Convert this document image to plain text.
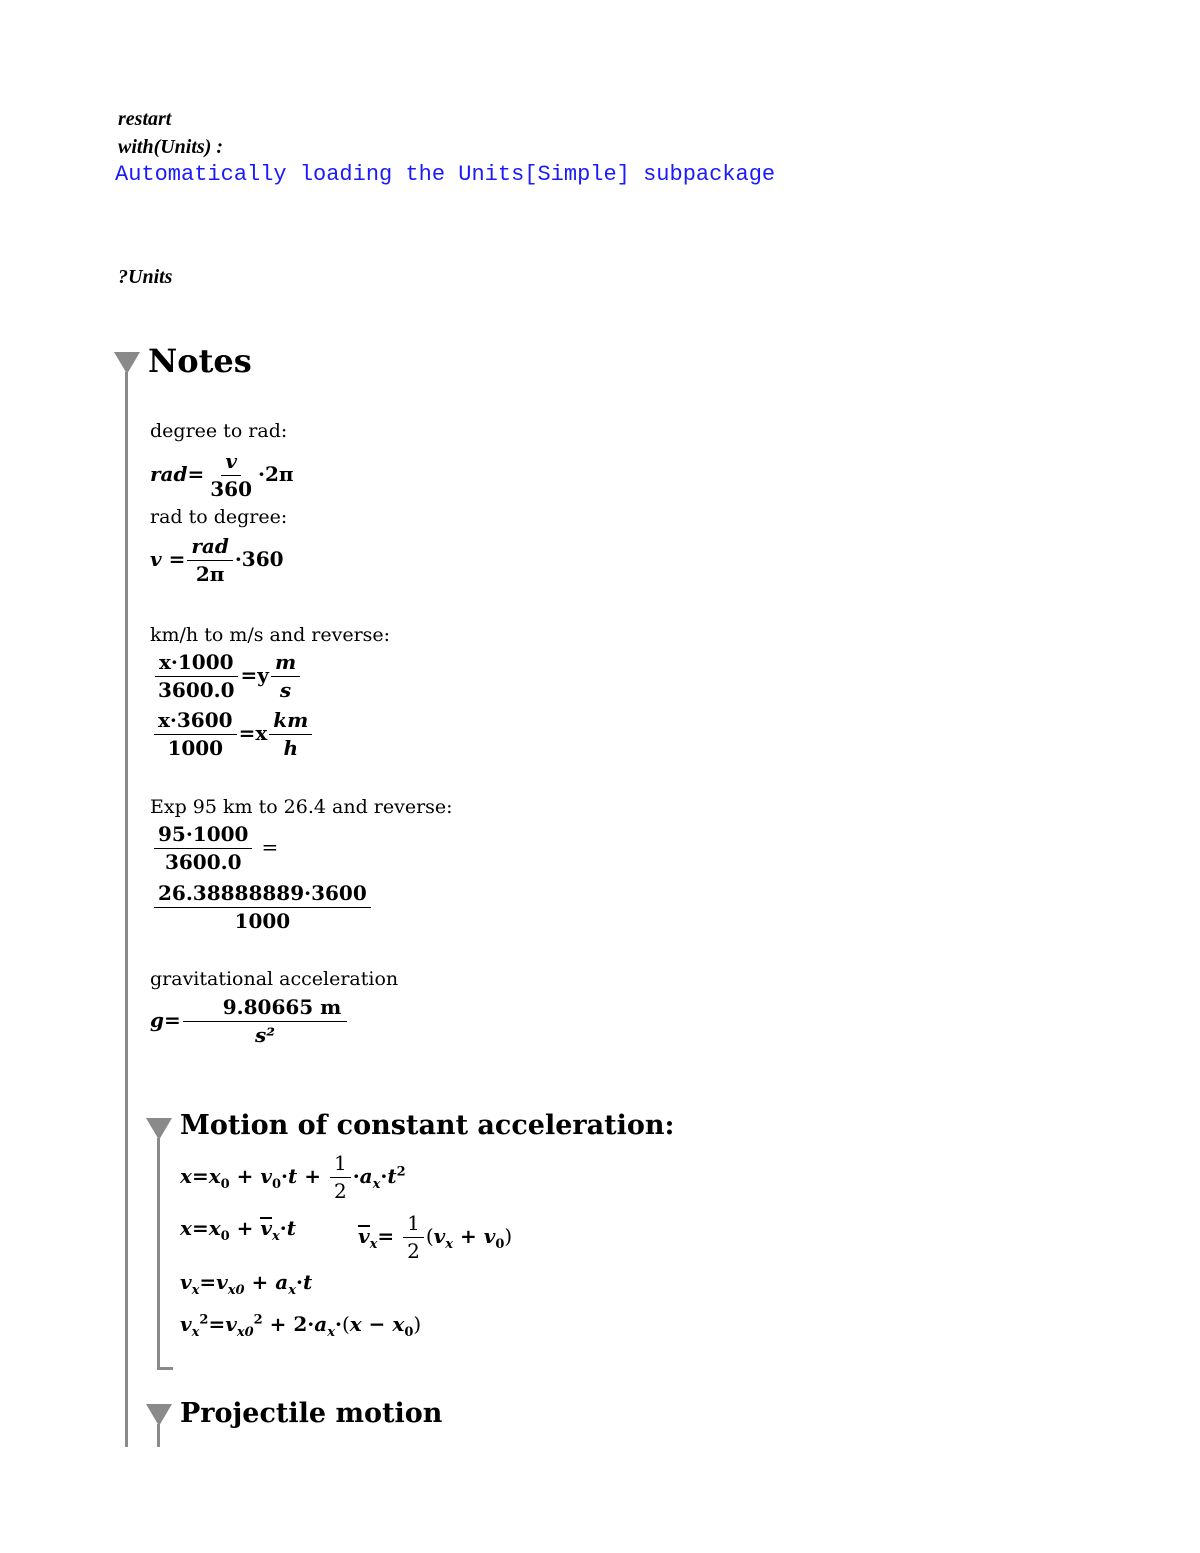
restart
with(Units) :
Automatically loading the Units[Simple] subpackage
?Units
Notes
degree to rad:
$rad= \frac{v}{360} \cdot 2\pi$
rad to degree:
$v = \frac{\text{rad}}{2\pi} \cdot 360$
km/h to m/s and reverse:
$\frac{x\cdot 1000}{3600.0} =y \frac{m}{s}$
$\frac{x\cdot 3600}{1000} =x \frac{km}{h}$
Exp 95 km to 26.4 and reverse:
$\frac{95\cdot 1000}{3600.0}$ =
$\frac{26.38888889\cdot 3600}{1000}$
gravitational acceleration
$g= \frac{9.80665 m}{\text{s²}}$
Motion of constant acceleration:
$x=x_0 + v_0\cdot t + \frac{1}{2} \cdot a_x\cdot t^2$
$x=x_0 + v_x\cdot t$	$v_x= \frac{1}{2} (v_x + v_0)$
$v_x=v_{x0} + a_x\cdot t$
$v_x^2=v_{x0}^2 + 2\cdot a_x\cdot(x - x_0)$
Projectile motion
